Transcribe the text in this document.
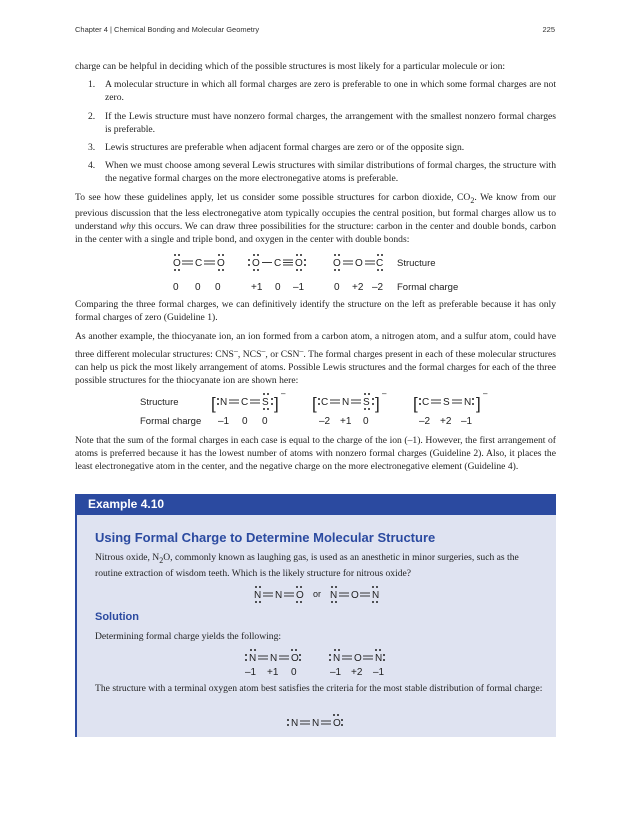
Chapter 4 | Chemical Bonding and Molecular Geometry	225

charge can be helpful in deciding which of the possible structures is most likely for a particular molecule or ion:

1. A molecular structure in which all formal charges are zero is preferable to one in which some formal charges are not zero.
2. If the Lewis structure must have nonzero formal charges, the arrangement with the smallest nonzero formal charges is preferable.
3. Lewis structures are preferable when adjacent formal charges are zero or of the opposite sign.
4. When we must choose among several Lewis structures with similar distributions of formal charges, the structure with the negative formal charges on the more electronegative atoms is preferable.

To see how these guidelines apply, let us consider some possible structures for carbon dioxide, $CO_2$. We know from our previous discussion that the less electronegative atom typically occupies the central position, but formal charges allow us to understand why this occurs. We can draw three possibilities for the structure: carbon in the center and double bonds, carbon in the center with a single and triple bond, and oxygen in the center with double bonds:

O C O
0 0 0
O C O
+1 0 –1
O O C
0 +2 –2
Structure
Formal charge
Structure
Formal charge
[ N C S ]
–
–1 0 0
[ C N S ]
–
–2 +1 0
[ C S N ]
–
–2 +2 –1

Comparing the three formal charges, we can definitively identify the structure on the left as preferable because it has only formal charges of zero (Guideline 1).

As another example, the thiocyanate ion, an ion formed from a carbon atom, a nitrogen atom, and a sulfur atom, could have three different molecular structures: CNS–, NCS–, or CSN–. The formal charges present in each of these molecular structures can help us pick the most likely arrangement of atoms. Possible Lewis structures and the formal charges for each of the three possible structures for the thiocyanate ion are shown here:

Note that the sum of the formal charges in each case is equal to the charge of the ion (–1). However, the first arrangement of atoms is preferred because it has the lowest number of atoms with nonzero formal charges (Guideline 2). Also, it places the least electronegative atom in the center, and the negative charge on the more electronegative element (Guideline 4).

Example 4.10
Using Formal Charge to Determine Molecular Structure
Nitrous oxide, $N_2O$, commonly known as laughing gas, is used as an anesthetic in minor surgeries, such as the routine extraction of wisdom teeth. Which is the likely structure for nitrous oxide?
Solution
Determining formal charge yields the following:
The structure with a terminal oxygen atom best satisfies the criteria for the most stable distribution of formal charge:
N N O or N O N
N N O
–1 +1 0
N O N
–1 +2 –1
N N O
